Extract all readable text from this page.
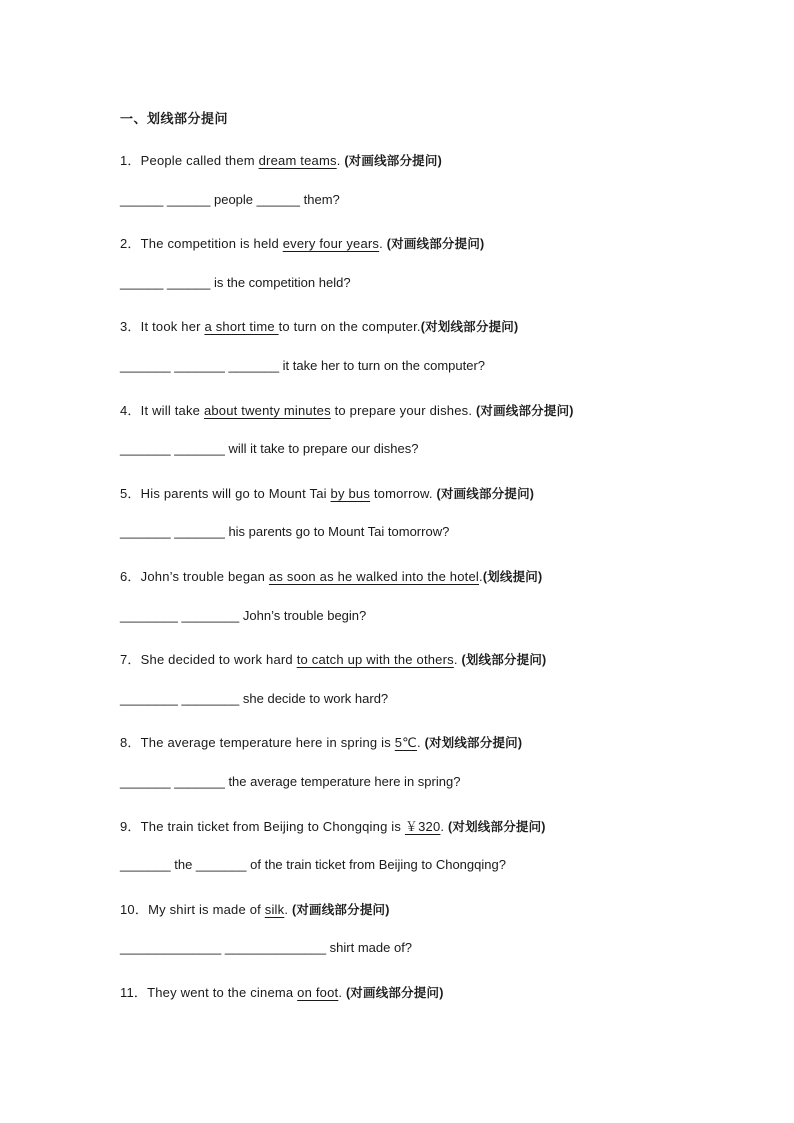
一、划线部分提问
1．People called them dream teams. (对画线部分提问)
______ ______ people ______ them?
2．The competition is held every four years. (对画线部分提问)
______ ______ is the competition held?
3．It took her a short time to turn on the computer.(对划线部分提问)
_______ _______ _______ it take her to turn on the computer?
4．It will take about twenty minutes to prepare your dishes. (对画线部分提问)
_______ _______ will it take to prepare our dishes?
5．His parents will go to Mount Tai by bus tomorrow. (对画线部分提问)
_______ _______ his parents go to Mount Tai tomorrow?
6．John’s trouble began as soon as he walked into the hotel.(划线提问)
________ ________ John’s trouble begin?
7．She decided to work hard to catch up with the others. (划线部分提问)
________ ________ she decide to work hard?
8．The average temperature here in spring is 5℃. (对划线部分提问)
_______ _______ the average temperature here in spring?
9．The train ticket from Beijing to Chongqing is ￥320. (对划线部分提问)
_______ the _______ of the train ticket from Beijing to Chongqing?
10．My shirt is made of silk. (对画线部分提问)
______________ ______________ shirt made of?
11．They went to the cinema on foot. (对画线部分提问)
